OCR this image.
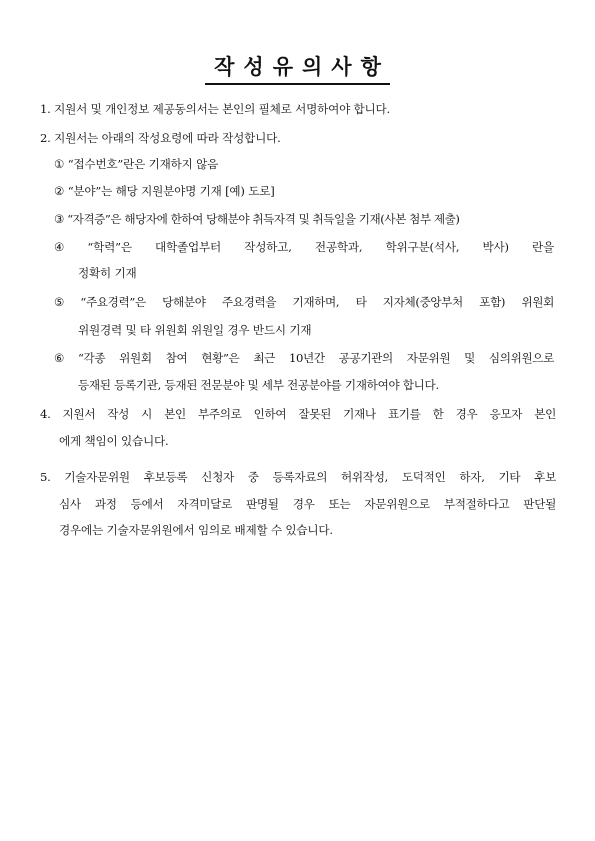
작성유의사항
1. 지원서 및 개인정보 제공동의서는 본인의 필체로 서명하여야 합니다.
2. 지원서는 아래의 작성요령에 따라 작성합니다.
① “접수번호”란은 기재하지 않음
② “분야”는 해당 지원분야명 기재 [예) 도로]
③ “자격증”은 해당자에 한하여 당해분야 취득자격 및 취득일을 기재(사본 첨부 제출)
④ “학력”은 대학졸업부터 작성하고, 전공학과, 학위구분(석사, 박사) 란을
정확히 기재
⑤ “주요경력”은 당해분야 주요경력을 기재하며, 타 지자체(중앙부처 포함) 위원회
위원경력 및 타 위원회 위원일 경우 반드시 기재
⑥ “각종 위원회 참여 현황”은 최근 10년간 공공기관의 자문위원 및 심의위원으로
등재된 등록기관, 등재된 전문분야 및 세부 전공분야를 기재하여야 합니다.
4. 지원서 작성 시 본인 부주의로 인하여 잘못된 기재나 표기를 한 경우 응모자 본인
에게 책임이 있습니다.
5. 기술자문위원 후보등록 신청자 중 등록자료의 허위작성, 도덕적인 하자, 기타 후보
심사 과정 등에서 자격미달로 판명될 경우 또는 자문위원으로 부적절하다고 판단될
경우에는 기술자문위원에서 임의로 배제할 수 있습니다.
